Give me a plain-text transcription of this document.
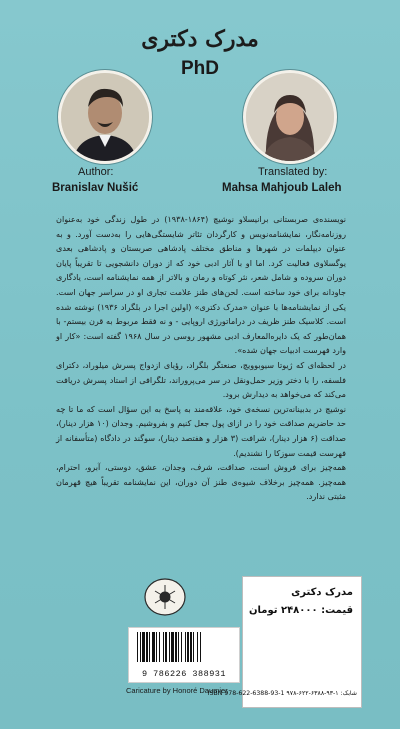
مدرک دکتری
PhD
Author:
Branislav Nušić
Translated by:
Mahsa Mahjoub Laleh

نویسنده‌ی صربستانی برانیسلاو نوشیچ (۱۸۶۴-۱۹۳۸) در طول زندگی خود به‌عنوان روزنامه‌نگار، نمایشنامه‌نویس و کارگردان تئاتر شایستگی‌هایی را به‌دست آورد. و به عنوان دیپلمات در شهرها و مناطق مختلف پادشاهی صربستان و پادشاهی بعدی یوگسلاوی فعالیت کرد. اما او با آثار ادبی خود که از دوران دانشجویی تا تقریباً پایان دوران سروده و شامل شعر، نثر کوتاه و رمان و بالاتر از همه نمایشنامه است، یادگاری جاودانه برای خود ساخته است. لحن‌های طنز علامت تجاری او در سراسر جهان است. یکی از نمایشنامه‌ها با عنوان «مدرک دکتری» (اولین اجرا در بلگراد ۱۹۳۶) نوشته شده است. کلاسیک طنز ظریف در دراماتورژی اروپایی - و نه فقط مربوط به قرن بیستم- با همان‌طور که یک دایره‌المعارف ادبی مشهور روسی در سال ۱۹۶۸ گفته است: «کار او وارد فهرست ادبیات جهان شده».

در لحظه‌ای که ژیوتا سیوبوویچ، صنعتگر بلگراد، رؤیای ازدواج پسرش میلوراد، دکترای فلسفه، را با دختر وزیر حمل‌ونقل در سر می‌پروراند، تلگرافی از استاد پسرش دریافت می‌کند که می‌خواهد به دیدارش برود.

نوشیچ در بدبینانه‌ترین نسخه‌ی خود، علاقه‌مند به پاسخ به این سؤال است که ما تا چه حد حاضریم صداقت خود را در ازای پول جعل کنیم و بفروشیم. وجدان (۱۰ هزار دینار)، صداقت (۶ هزار دینار)، شرافت (۳ هزار و هفتصد دینار)، سوگند در دادگاه (متأسفانه از فهرست قیمت سوزکا را نشندیم).

همه‌چیز برای فروش است، صداقت، شرف، وجدان، عشق، دوستی، آبرو، احترام، همه‌چیز. همه‌چیز برخلاف شیوه‌ی طنز آن دوران، این نمایشنامه تقریباً هیچ قهرمان مثبتی ندارد.

9 786226 388931
Caricature by Honoré Daumier
مدرک دکتری
قیمت: ۲۴۸۰۰۰ تومان
شابک: ۱-۹۳-۶۳۸۸-۶۲۲-۹۷۸ ISBN 978-622-6388-93-1
